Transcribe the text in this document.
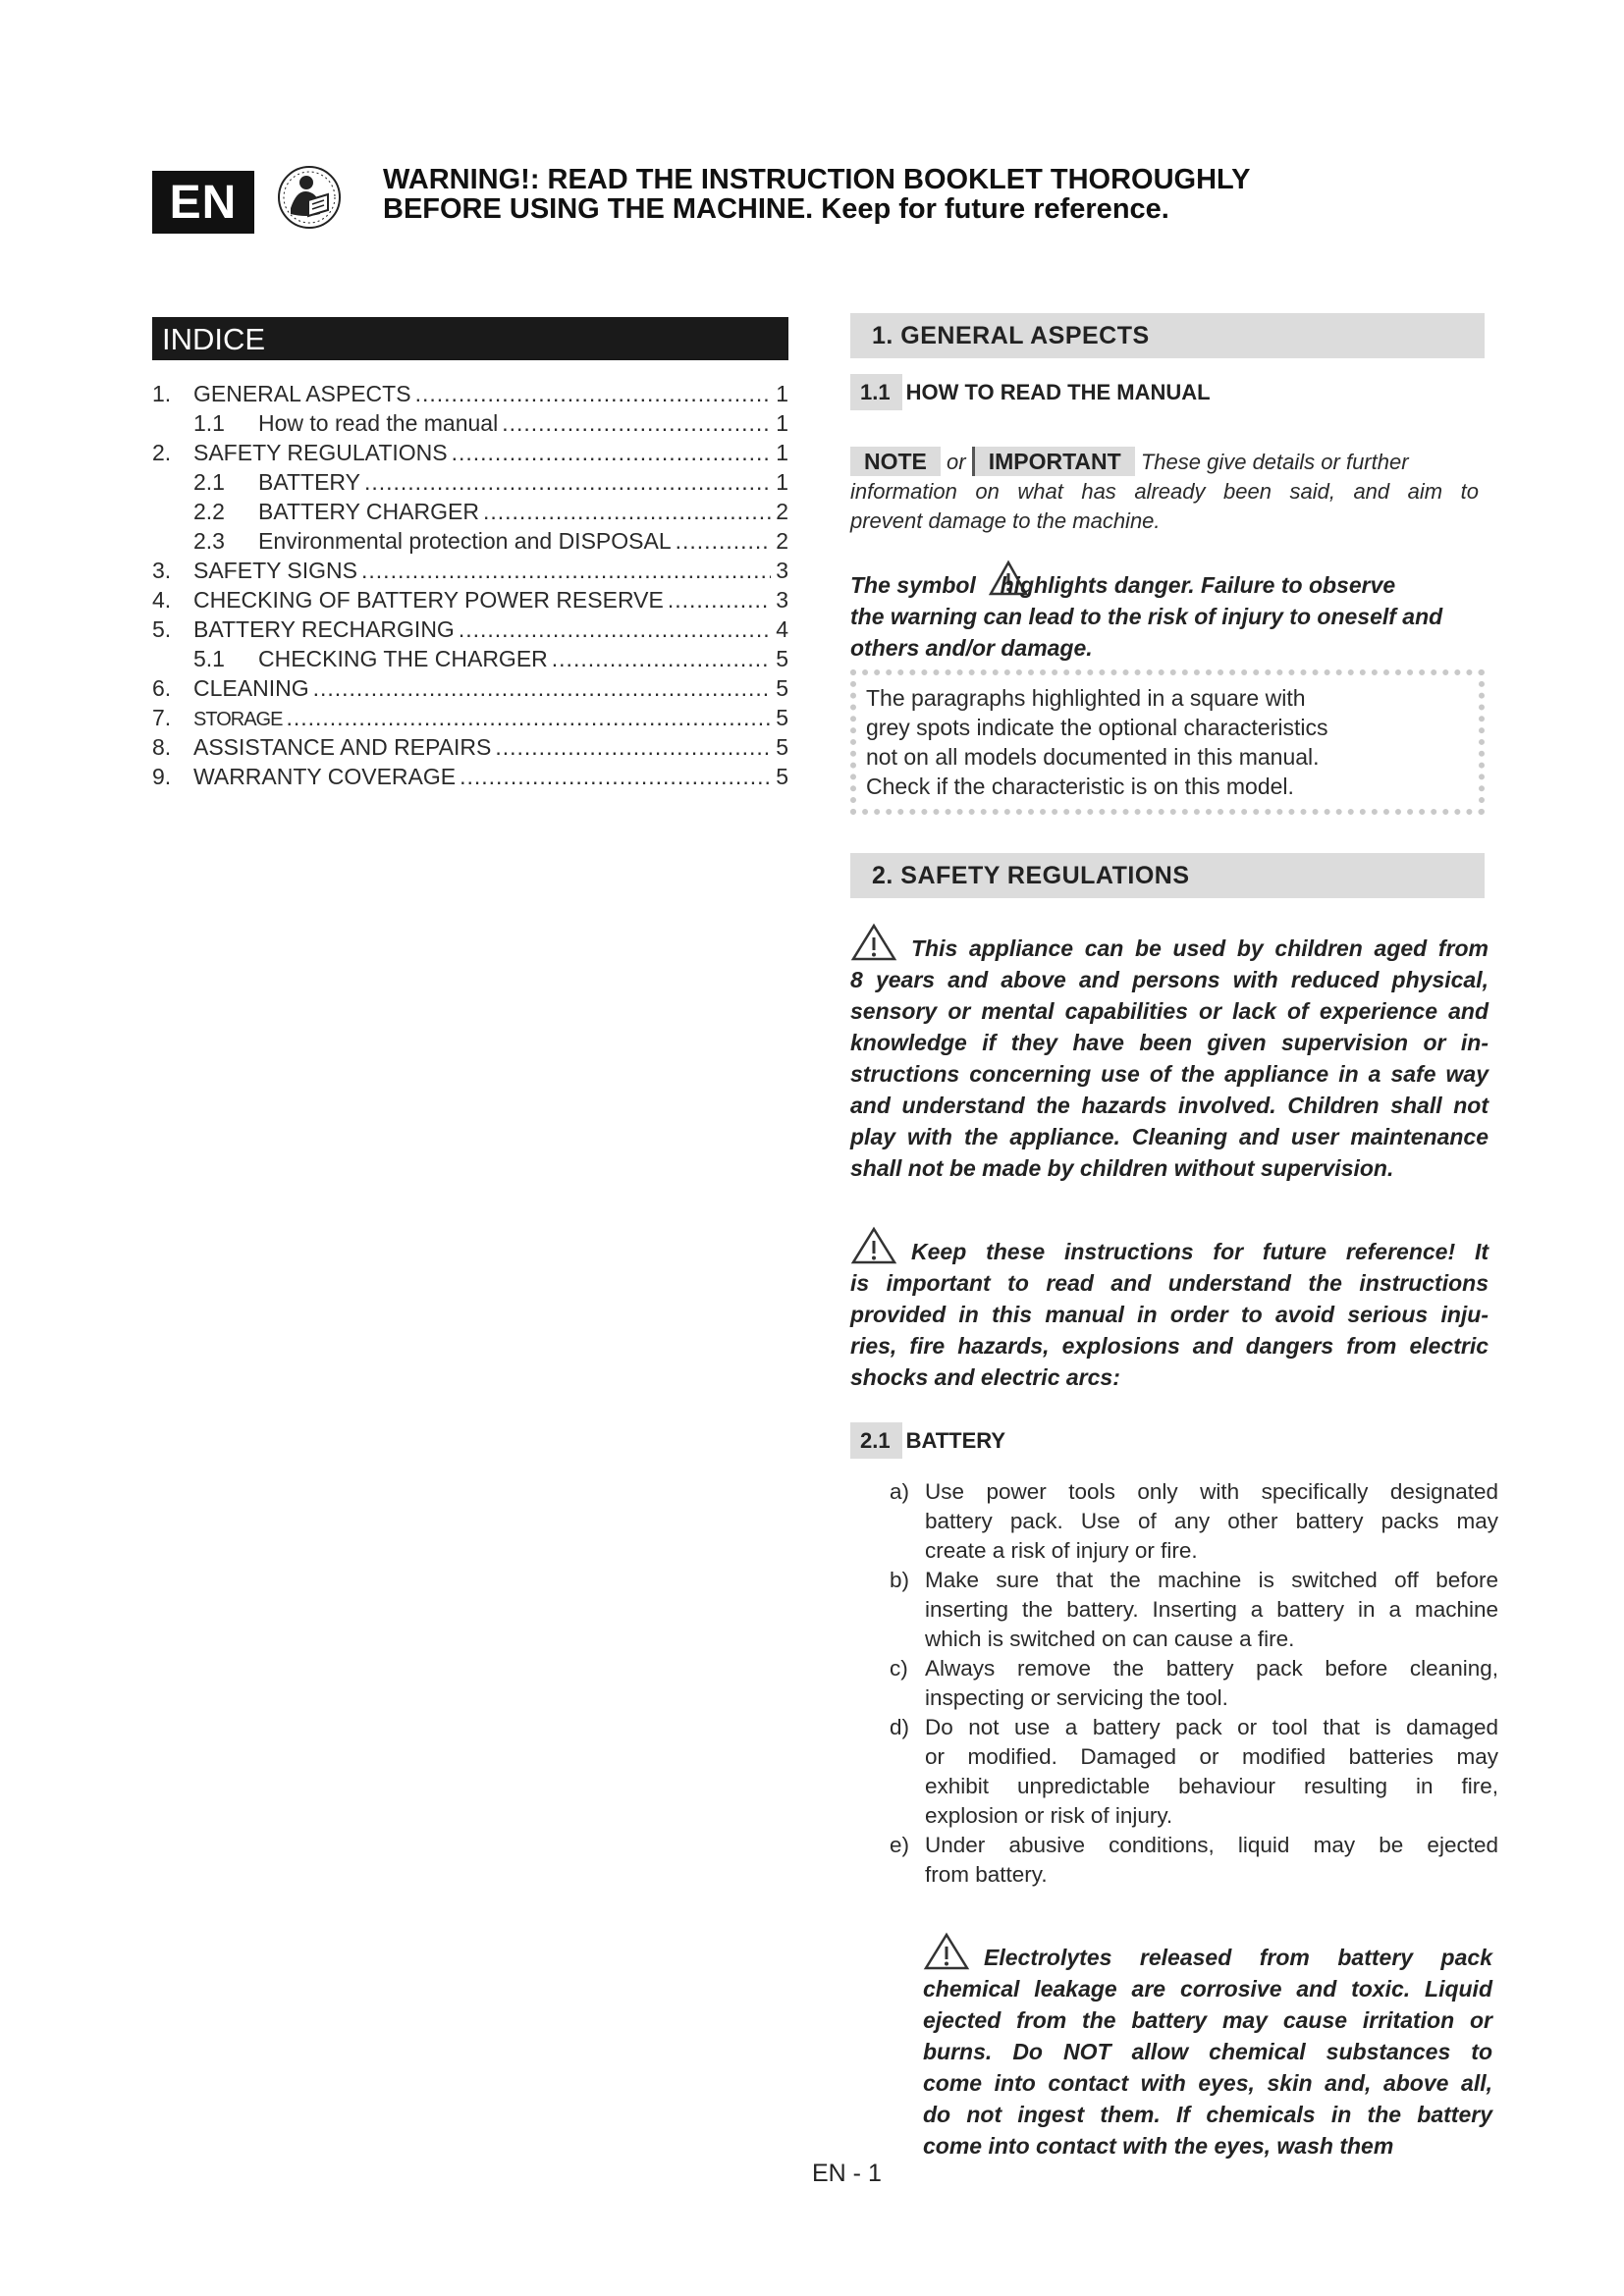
EN	WARNING!: READ THE INSTRUCTION BOOKLET THOROUGHLY
BEFORE USING THE MACHINE. Keep for future reference.
INDICE
1. GENERAL ASPECTS .....	1
1.1	How to read the manual .....	1
2. SAFETY REGULATIONS .....	1
2.1	BATTERY .....	1
2.2	BATTERY CHARGER .....	2
2.3	Environmental protection and DISPOSAL .....	2
3. SAFETY SIGNS .....	3
4. CHECKING OF BATTERY POWER RESERVE .....	3
5. BATTERY RECHARGING .....	4
5.1	CHECKING THE CHARGER .....	5
6. CLEANING .....	5
7.	STORAGE .....	5
8. ASSISTANCE AND REPAIRS .....	5
9. WARRANTY COVERAGE .....	5
1. GENERAL ASPECTS
1.1 HOW TO READ THE MANUAL
NOTE or IMPORTANT These give details or further
information on what has already been said, and aim to
prevent damage to the machine.
The symbol highlights danger. Failure to observe
the warning can lead to the risk of injury to oneself and
others and/or damage.
The paragraphs highlighted in a square with
grey spots indicate the optional characteristics
not on all models documented in this manual.
Check if the characteristic is on this model.
2. SAFETY REGULATIONS
This appliance can be used by children aged from
8 years and above and persons with reduced physical,
sensory or mental capabilities or lack of experience and
knowledge if they have been given supervision or in-
structions concerning use of the appliance in a safe way
and understand the hazards involved. Children shall not
play with the appliance. Cleaning and user maintenance
shall not be made by children without supervision.
Keep these instructions for future reference! It
is important to read and understand the instructions
provided in this manual in order to avoid serious inju-
ries, fire hazards, explosions and dangers from electric
shocks and electric arcs:
2.1 BATTERY
a) Use power tools only with specifically designated
battery pack. Use of any other battery packs may
create a risk of injury or fire.
b) Make sure that the machine is switched off before
inserting the battery. Inserting a battery in a machine
which is switched on can cause a fire.
c) Always remove the battery pack before cleaning,
inspecting or servicing the tool.
d) Do not use a battery pack or tool that is damaged
or modified. Damaged or modified batteries may
exhibit unpredictable behaviour resulting in fire,
explosion or risk of injury.
e) Under abusive conditions, liquid may be ejected
from battery.
Electrolytes released from battery pack
chemical leakage are corrosive and toxic. Liquid
ejected from the battery may cause irritation or
burns. Do NOT allow chemical substances to
come into contact with eyes, skin and, above all,
do not ingest them. If chemicals in the battery
come into contact with the eyes, wash them
EN - 1
